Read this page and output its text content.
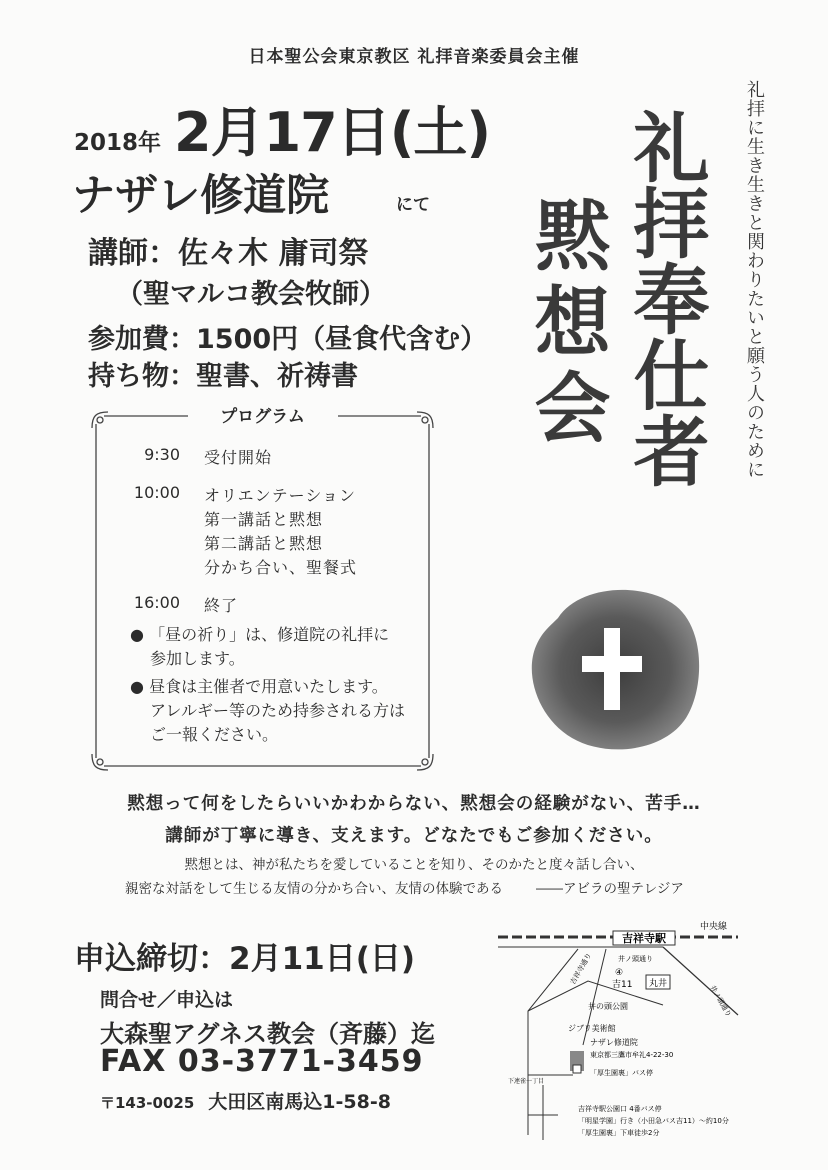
日本聖公会東京教区 礼拝音楽委員会主催
2018年 2月17日(土)
ナザレ修道院	にて
講師：佐々木 庸司祭
（聖マルコ教会牧師）
参加費：1500円（昼食代含む）
持ち物：聖書、祈祷書	礼拝奉仕者
黙想会	礼拝に生き生きと関わりたいと願う人のために
プログラム
9:30 受付開始
10:00 オリエンテーション
第一講話と黙想
第二講話と黙想
分かち合い、聖餐式
16:00 終了
● 「昼の祈り」は、修道院の礼拝に
参加します。
● 昼食は主催者で用意いたします。
アレルギー等のため持参される方は
ご一報ください。
黙想って何をしたらいいかわからない、黙想会の経験がない、苦手…
講師が丁寧に導き、支えます。どなたでもご参加ください。
黙想とは、神が私たちを愛していることを知り、そのかたと度々話し合い、
親密な対話をして生じる友情の分かち合い、友情の体験である ――アビラの聖テレジア
申込締切：2月11日(日)
問合せ／申込は
大森聖アグネス教会（斉藤）迄
FAX 03-3771-3459
〒143-0025 大田区南馬込1-58-8
吉祥寺駅
中央線
④
吉11 丸井
井ノ頭通り
吉祥寺通り
井ノ頭通り
井の頭公園
ジブリ美術館
ナザレ修道院
東京都三鷹市牟礼4-22-30
「厚生園裏」バス停
下連雀一丁目
吉祥寺駅公園口 4番バス停
「明星学園」行き（小田急バス吉11）～約10分
「厚生園裏」下車徒歩2分
